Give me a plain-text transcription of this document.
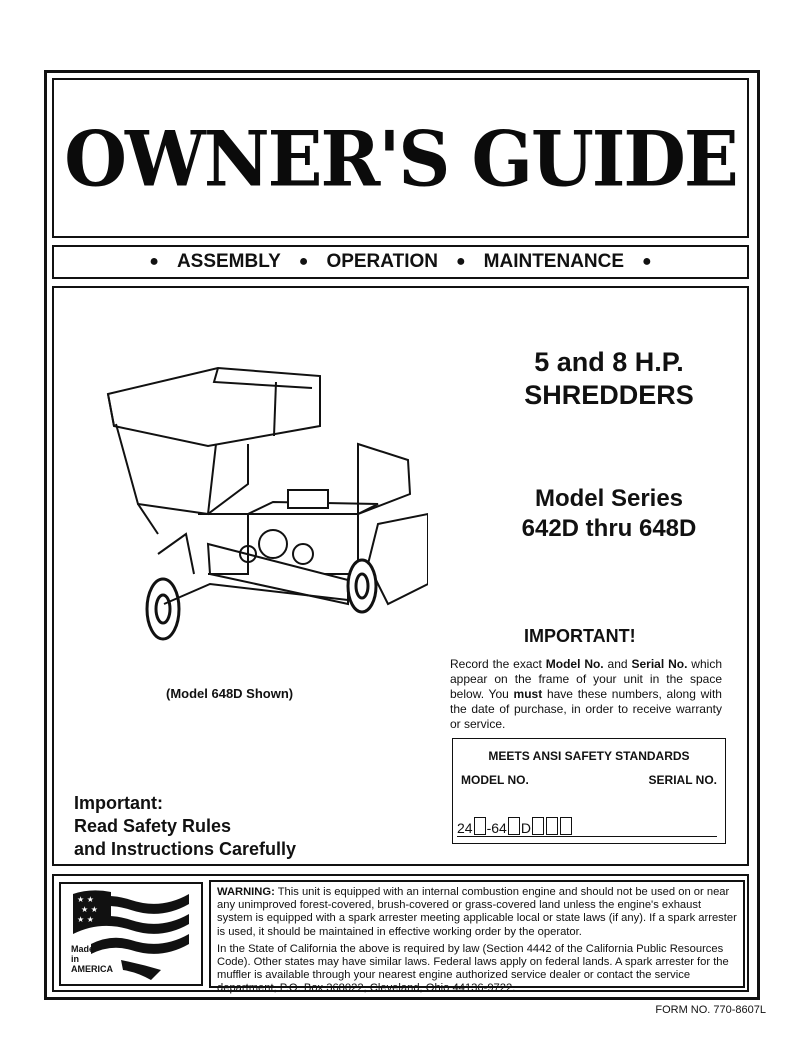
OWNER'S GUIDE
● ASSEMBLY ● OPERATION ● MAINTENANCE ●
5 and 8 H.P.
SHREDDERS
(Model 648D Shown)
Model Series
642D thru 648D
IMPORTANT!
Record the exact Model No. and Serial No. which appear on the frame of your unit in the space below. You must have these numbers, along with the date of purchase, in order to receive warranty or service.
MEETS ANSI SAFETY STANDARDS
MODEL NO.	SERIAL NO.
24 -64 D
Important:
Read Safety Rules
and Instructions Carefully
★ ★
★ ★
★ ★
Made
in
AMERICA

WARNING: This unit is equipped with an internal combustion engine and should not be used on or near any unimproved forest-covered, brush-covered or grass-covered land unless the engine's exhaust system is equipped with a spark arrester meeting applicable local or state laws (if any). If a spark arrester is used, it should be maintained in effective working order by the operator.

In the State of California the above is required by law (Section 4442 of the California Public Resources Code). Other states may have similar laws. Federal laws apply on federal lands. A spark arrester for the muffler is available through your nearest engine authorized service dealer or contact the service department, P.O. Box 368022, Cleveland, Ohio 44136-9722.

FORM NO. 770-8607L
